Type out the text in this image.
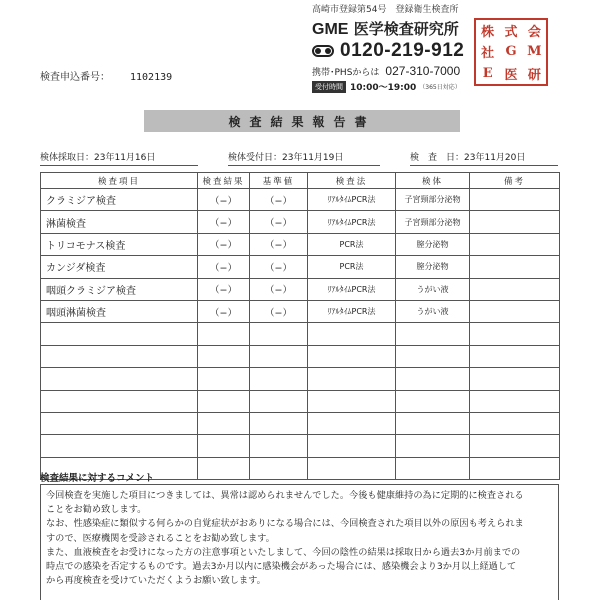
高崎市登録第54号　登録衛生検査所
GME 医学検査研究所
0120-219-912
携帯･PHSからは 027-310-7000
受付時間 10:00〜19:00 （365日対応）
株 式 会
社 G M
E 医 研
検査申込番号： 1102139
検査結果報告書
検体採取日：23年11月16日	検体受付日：23年11月19日	検　査　日：23年11月20日
検査項目	検査結果	基準値	検査法	検体	備考
クラミジア検査	（−）	（−）	ﾘｱﾙﾀｲﾑPCR法	子宮頸部分泌物	
淋菌検査	（−）	（−）	ﾘｱﾙﾀｲﾑPCR法	子宮頸部分泌物	
トリコモナス検査	（−）	（−）	PCR法	膣分泌物	
カンジダ検査	（−）	（−）	PCR法	膣分泌物	
咽頭クラミジア検査	（−）	（−）	ﾘｱﾙﾀｲﾑPCR法	うがい液	
咽頭淋菌検査	（−）	（−）	ﾘｱﾙﾀｲﾑPCR法	うがい液	

検査結果に対するコメント

今回検査を実施した項目につきましては、異常は認められませんでした。今後も健康維持の為に定期的に検査される

ことをお勧め致します。

なお、性感染症に類似する何らかの自覚症状がおありになる場合には、今回検査された項目以外の原因も考えられま

すので、医療機関を受診されることをお勧め致します。

また、血液検査をお受けになった方の注意事項といたしまして、今回の陰性の結果は採取日から過去3か月前までの

時点での感染を否定するものです。過去3か月以内に感染機会があった場合には、感染機会より3か月以上経過して

から再度検査を受けていただくようお願い致します。
